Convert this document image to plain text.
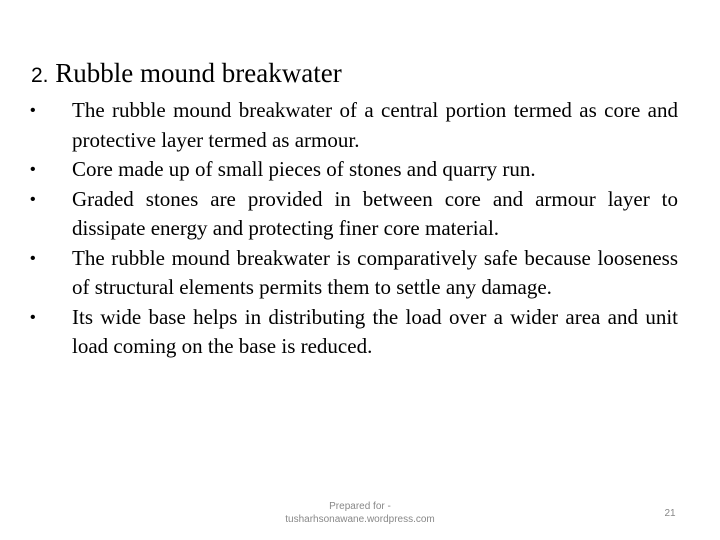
2. Rubble mound breakwater
• The rubble mound breakwater of a central portion termed as core and protective layer termed as armour.
• Core made up of small pieces of stones and quarry run.
• Graded stones are provided in between core and armour layer to dissipate energy and protecting finer core material.
• The rubble mound breakwater is comparatively safe because looseness of structural elements permits them to settle any damage.
• Its wide base helps in distributing the load over a wider area and unit load coming on the base is reduced.
Prepared for -
tusharhsonawane.wordpress.com
21
